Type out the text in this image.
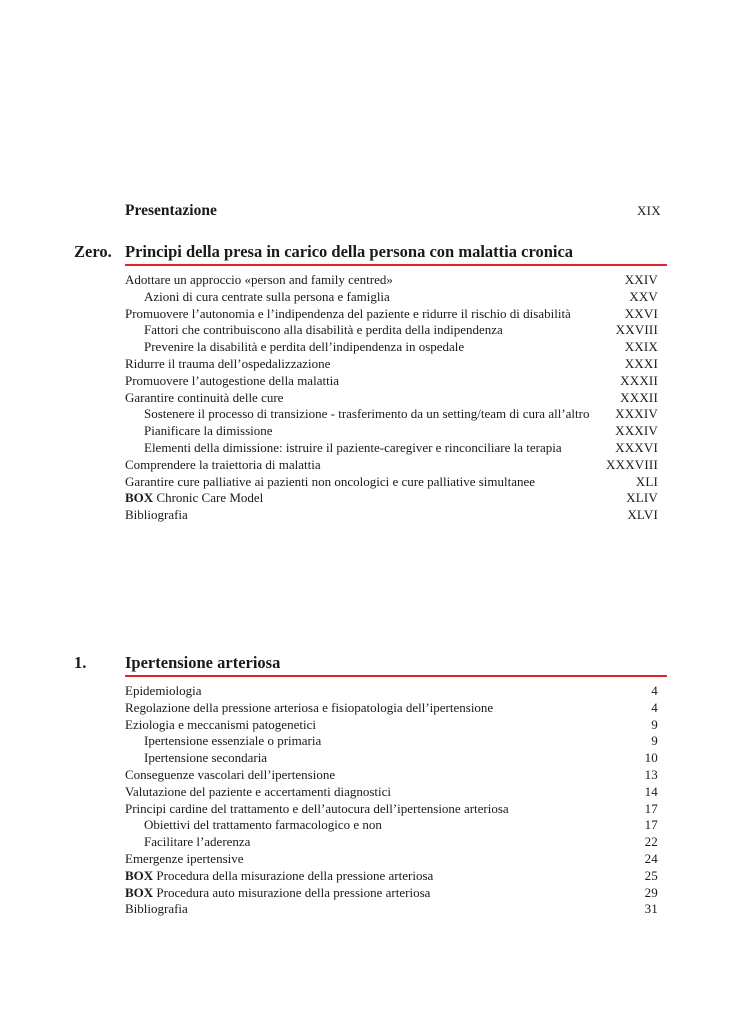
Presentazione	XIX
Zero. Principi della presa in carico della persona con malattia cronica
Adottare un approccio «person and family centred»	XXIV
Azioni di cura centrate sulla persona e famiglia	XXV
Promuovere l’autonomia e l’indipendenza del paziente e ridurre il rischio di disabilità	XXVI
Fattori che contribuiscono alla disabilità e perdita della indipendenza	XXVIII
Prevenire la disabilità e perdita dell’indipendenza in ospedale	XXIX
Ridurre il trauma dell’ospedalizzazione	XXXI
Promuovere l’autogestione della malattia	XXXII
Garantire continuità delle cure	XXXII
Sostenere il processo di transizione - trasferimento da un setting/team di cura all’altro	XXXIV
Pianificare la dimissione	XXXIV
Elementi della dimissione: istruire il paziente-caregiver e rinconciliare la terapia	XXXVI
Comprendere la traiettoria di malattia	XXXVIII
Garantire cure palliative ai pazienti non oncologici e cure palliative simultanee	XLI
BOX Chronic Care Model	XLIV
Bibliografia	XLVI
1. Ipertensione arteriosa
Epidemiologia	4
Regolazione della pressione arteriosa e fisiopatologia dell’ipertensione	4
Eziologia e meccanismi patogenetici	9
Ipertensione essenziale o primaria	9
Ipertensione secondaria	10
Conseguenze vascolari dell’ipertensione	13
Valutazione del paziente e accertamenti diagnostici	14
Principi cardine del trattamento e dell’autocura dell’ipertensione arteriosa	17
Obiettivi del trattamento farmacologico e non	17
Facilitare l’aderenza	22
Emergenze ipertensive	24
BOX Procedura della misurazione della pressione arteriosa	25
BOX Procedura auto misurazione della pressione arteriosa	29
Bibliografia	31
